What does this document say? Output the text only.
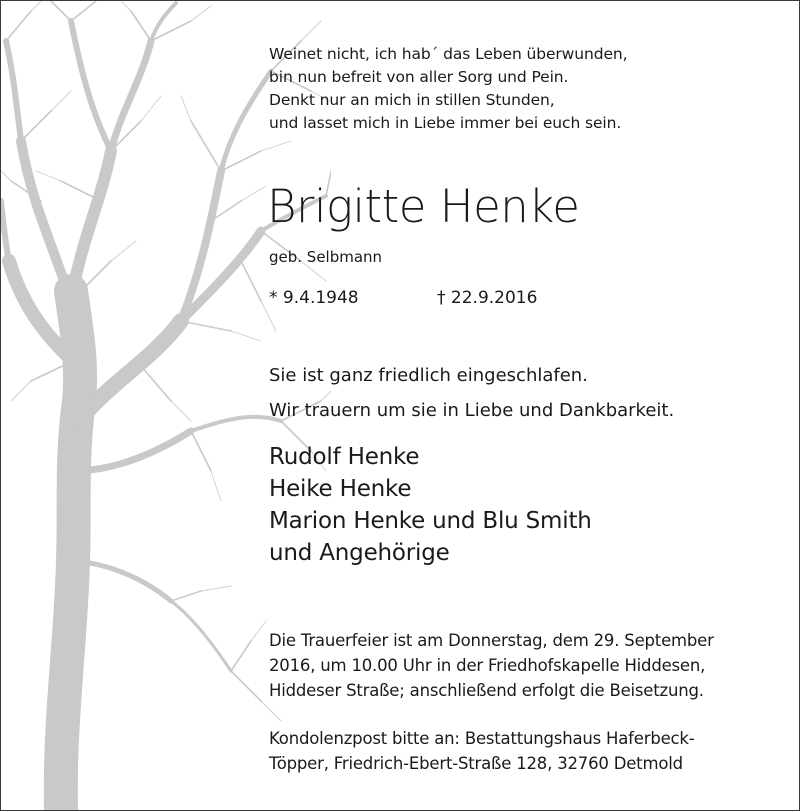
Weinet nicht, ich hab´ das Leben überwunden,
bin nun befreit von aller Sorg und Pein.
Denkt nur an mich in stillen Stunden,
und lasset mich in Liebe immer bei euch sein.
Brigitte Henke
geb. Selbmann
* 9.4.1948	† 22.9.2016
Sie ist ganz friedlich eingeschlafen.
Wir trauern um sie in Liebe und Dankbarkeit.
Rudolf Henke
Heike Henke
Marion Henke und Blu Smith
und Angehörige
Die Trauerfeier ist am Donnerstag, dem 29. September
2016, um 10.00 Uhr in der Friedhofskapelle Hiddesen,
Hiddeser Straße; anschließend erfolgt die Beisetzung.
Kondolenzpost bitte an: Bestattungshaus Haferbeck-
Töpper, Friedrich-Ebert-Straße 128, 32760 Detmold
